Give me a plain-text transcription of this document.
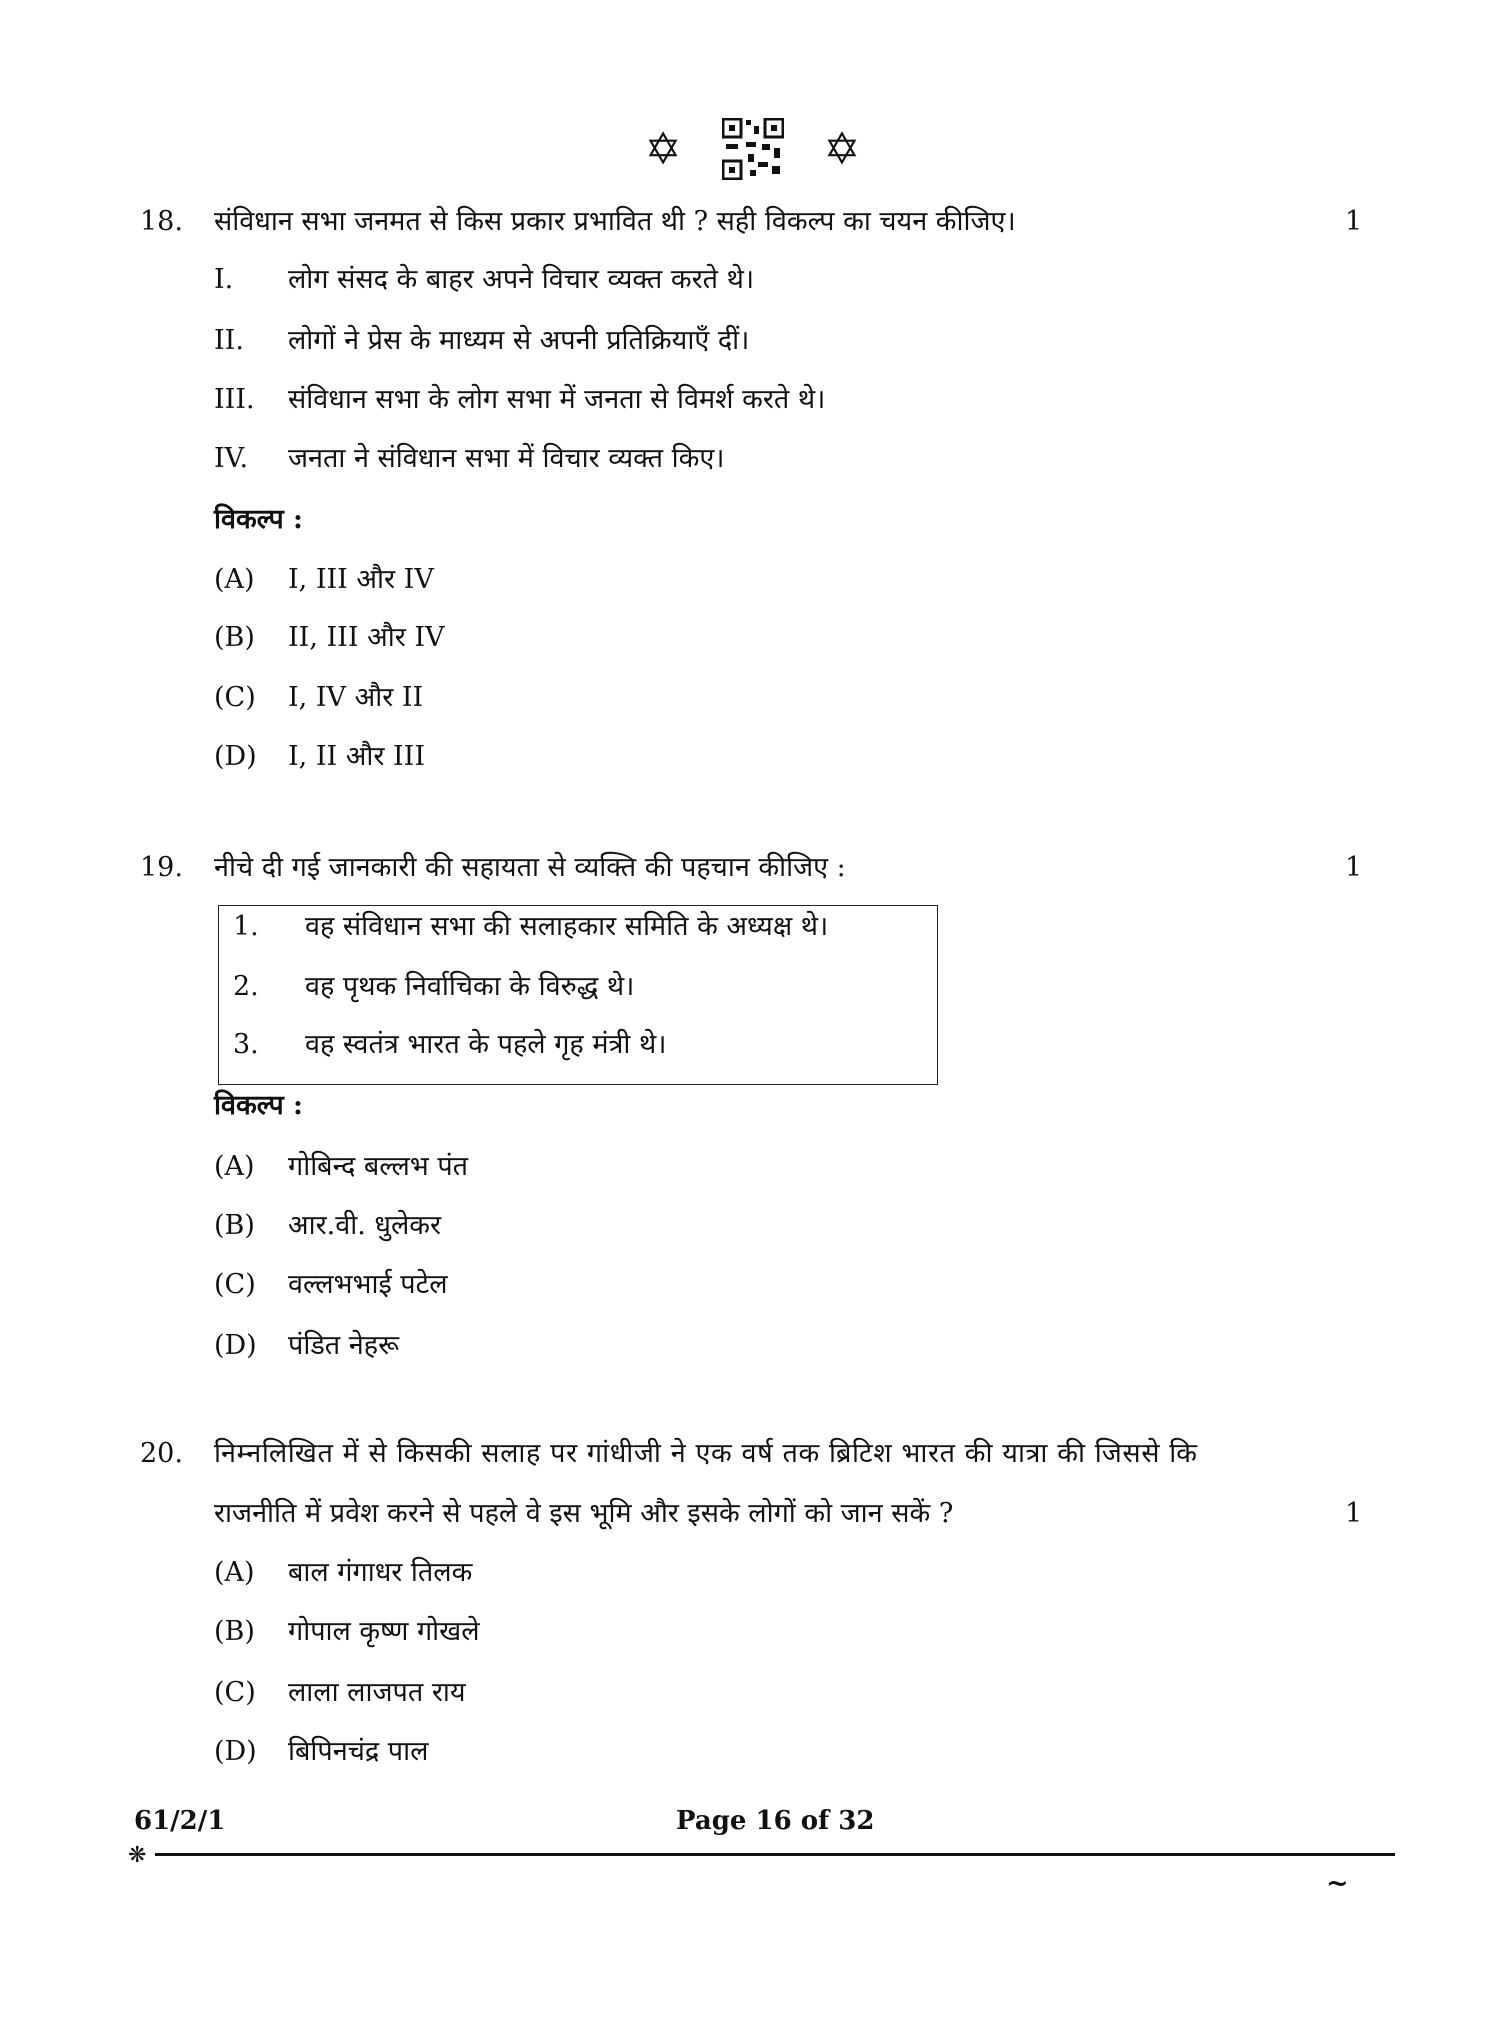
✡	✡
18. संविधान सभा जनमत से किस प्रकार प्रभावित थी ? सही विकल्प का चयन कीजिए।	1
I. लोग संसद के बाहर अपने विचार व्यक्त करते थे।
II. लोगों ने प्रेस के माध्यम से अपनी प्रतिक्रियाएँ दीं।
III. संविधान सभा के लोग सभा में जनता से विमर्श करते थे।
IV. जनता ने संविधान सभा में विचार व्यक्त किए।
विकल्प :
(A) I, III और IV
(B) II, III और IV
(C) I, IV और II
(D) I, II और III
19. नीचे दी गई जानकारी की सहायता से व्यक्ति की पहचान कीजिए :	1
1. वह संविधान सभा की सलाहकार समिति के अध्यक्ष थे।
2. वह पृथक निर्वाचिका के विरुद्ध थे।
3. वह स्वतंत्र भारत के पहले गृह मंत्री थे।
विकल्प :
(A) गोबिन्द बल्लभ पंत
(B) आर.वी. धुलेकर
(C) वल्लभभाई पटेल
(D) पंडित नेहरू
20. निम्नलिखित में से किसकी सलाह पर गांधीजी ने एक वर्ष तक ब्रिटिश भारत की यात्रा की जिससे कि
राजनीति में प्रवेश करने से पहले वे इस भूमि और इसके लोगों को जान सकें ?	1
(A) बाल गंगाधर तिलक
(B) गोपाल कृष्ण गोखले
(C) लाला लाजपत राय
(D) बिपिनचंद्र पाल
61/2/1	Page 16 of 32
❋
~
